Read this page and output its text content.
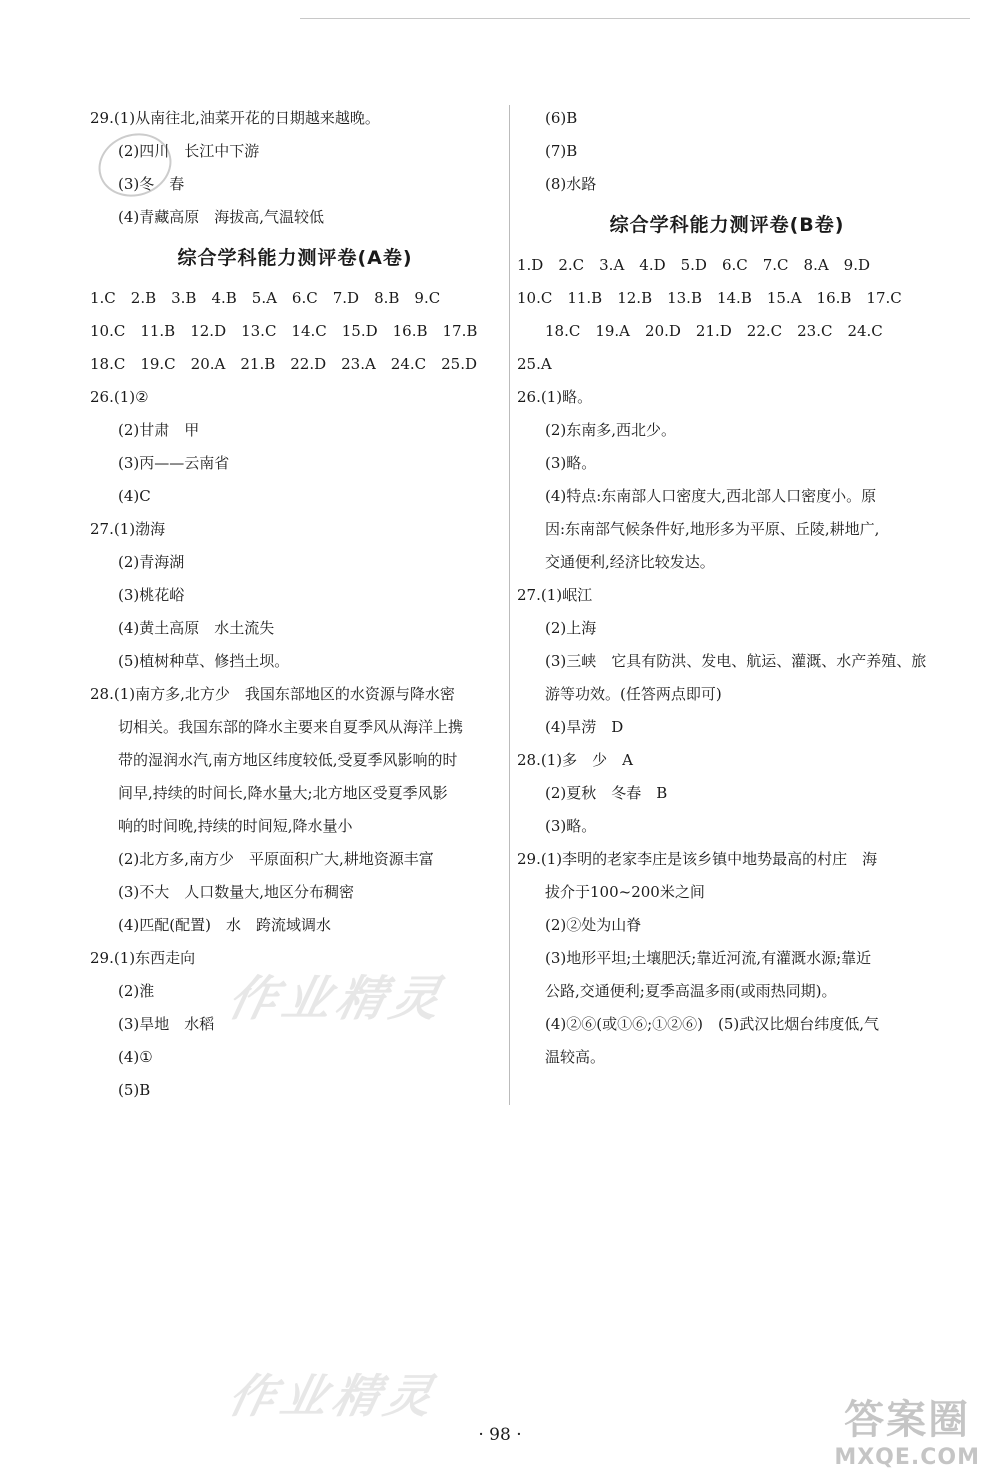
29.(1)从南往北,油菜开花的日期越来越晚。
(2)四川　长江中下游
(3)冬　春
(4)青藏高原　海拔高,气温较低
综合学科能力测评卷(A卷)
1.C　2.B　3.B　4.B　5.A　6.C　7.D　8.B　9.C
10.C　11.B　12.D　13.C　14.C　15.D　16.B　17.B
18.C　19.C　20.A　21.B　22.D　23.A　24.C　25.D
26.(1)②
(2)甘肃　甲
(3)丙——云南省
(4)C
27.(1)渤海
(2)青海湖
(3)桃花峪
(4)黄土高原　水土流失
(5)植树种草、修挡土坝。
28.(1)南方多,北方少　我国东部地区的水资源与降水密
切相关。我国东部的降水主要来自夏季风从海洋上携
带的湿润水汽,南方地区纬度较低,受夏季风影响的时
间早,持续的时间长,降水量大;北方地区受夏季风影
响的时间晚,持续的时间短,降水量小
(2)北方多,南方少　平原面积广大,耕地资源丰富
(3)不大　人口数量大,地区分布稠密
(4)匹配(配置)　水　跨流域调水
29.(1)东西走向
(2)淮
(3)旱地　水稻
(4)①
(5)B
(6)B
(7)B
(8)水路
综合学科能力测评卷(B卷)
1.D　2.C　3.A　4.D　5.D　6.C　7.C　8.A　9.D
10.C　11.B　12.B　13.B　14.B　15.A　16.B　17.C
18.C　19.A　20.D　21.D　22.C　23.C　24.C
25.A
26.(1)略。
(2)东南多,西北少。
(3)略。
(4)特点:东南部人口密度大,西北部人口密度小。原
因:东南部气候条件好,地形多为平原、丘陵,耕地广,
交通便利,经济比较发达。
27.(1)岷江
(2)上海
(3)三峡　它具有防洪、发电、航运、灌溉、水产养殖、旅
游等功效。(任答两点即可)
(4)旱涝　D
28.(1)多　少　A
(2)夏秋　冬春　B
(3)略。
29.(1)李明的老家李庄是该乡镇中地势最高的村庄　海
拔介于100~200米之间
(2)②处为山脊
(3)地形平坦;土壤肥沃;靠近河流,有灌溉水源;靠近
公路,交通便利;夏季高温多雨(或雨热同期)。
(4)②⑥(或①⑥;①②⑥)　(5)武汉比烟台纬度低,气
温较高。
作业精灵
作业精灵
· 98 ·	答案圈
MXQE.COM
